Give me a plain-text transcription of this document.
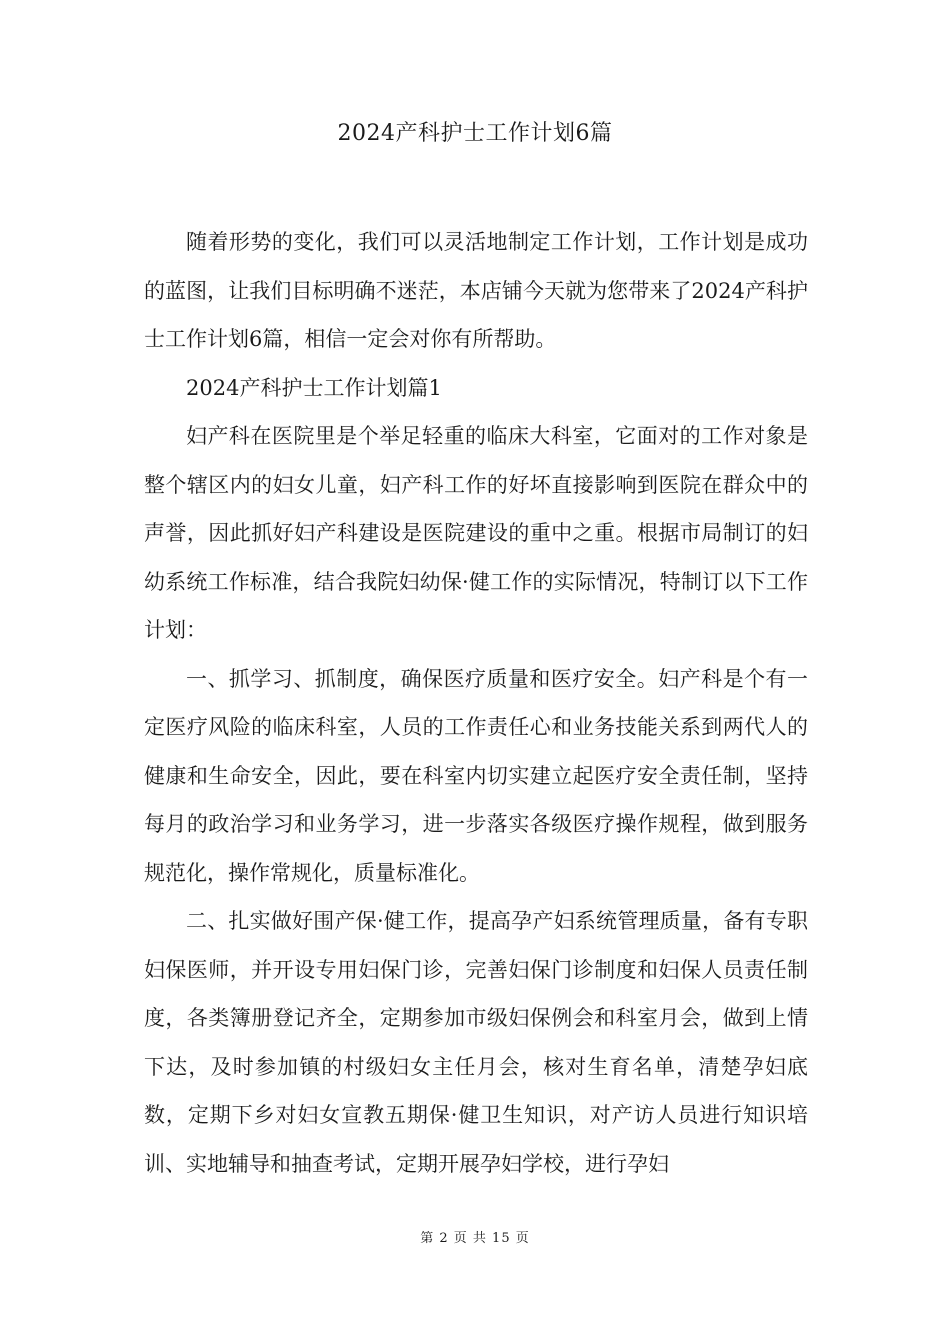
2024产科护士工作计划6篇

随着形势的变化，我们可以灵活地制定工作计划，工作计划是成功的蓝图，让我们目标明确不迷茫，本店铺今天就为您带来了2024产科护士工作计划6篇，相信一定会对你有所帮助。

2024产科护士工作计划篇1

妇产科在医院里是个举足轻重的临床大科室，它面对的工作对象是整个辖区内的妇女儿童，妇产科工作的好坏直接影响到医院在群众中的声誉，因此抓好妇产科建设是医院建设的重中之重。根据市局制订的妇幼系统工作标准，结合我院妇幼保·健工作的实际情况，特制订以下工作计划：

一、抓学习、抓制度，确保医疗质量和医疗安全。妇产科是个有一定医疗风险的临床科室，人员的工作责任心和业务技能关系到两代人的健康和生命安全，因此，要在科室内切实建立起医疗安全责任制，坚持每月的政治学习和业务学习，进一步落实各级医疗操作规程，做到服务规范化，操作常规化，质量标准化。

二、扎实做好围产保·健工作，提高孕产妇系统管理质量，备有专职妇保医师，并开设专用妇保门诊，完善妇保门诊制度和妇保人员责任制度，各类簿册登记齐全，定期参加市级妇保例会和科室月会，做到上情下达，及时参加镇的村级妇女主任月会，核对生育名单，清楚孕妇底数，定期下乡对妇女宣教五期保·健卫生知识，对产访人员进行知识培训、实地辅导和抽查考试，定期开展孕妇学校，进行孕妇

第 2 页 共 15 页
